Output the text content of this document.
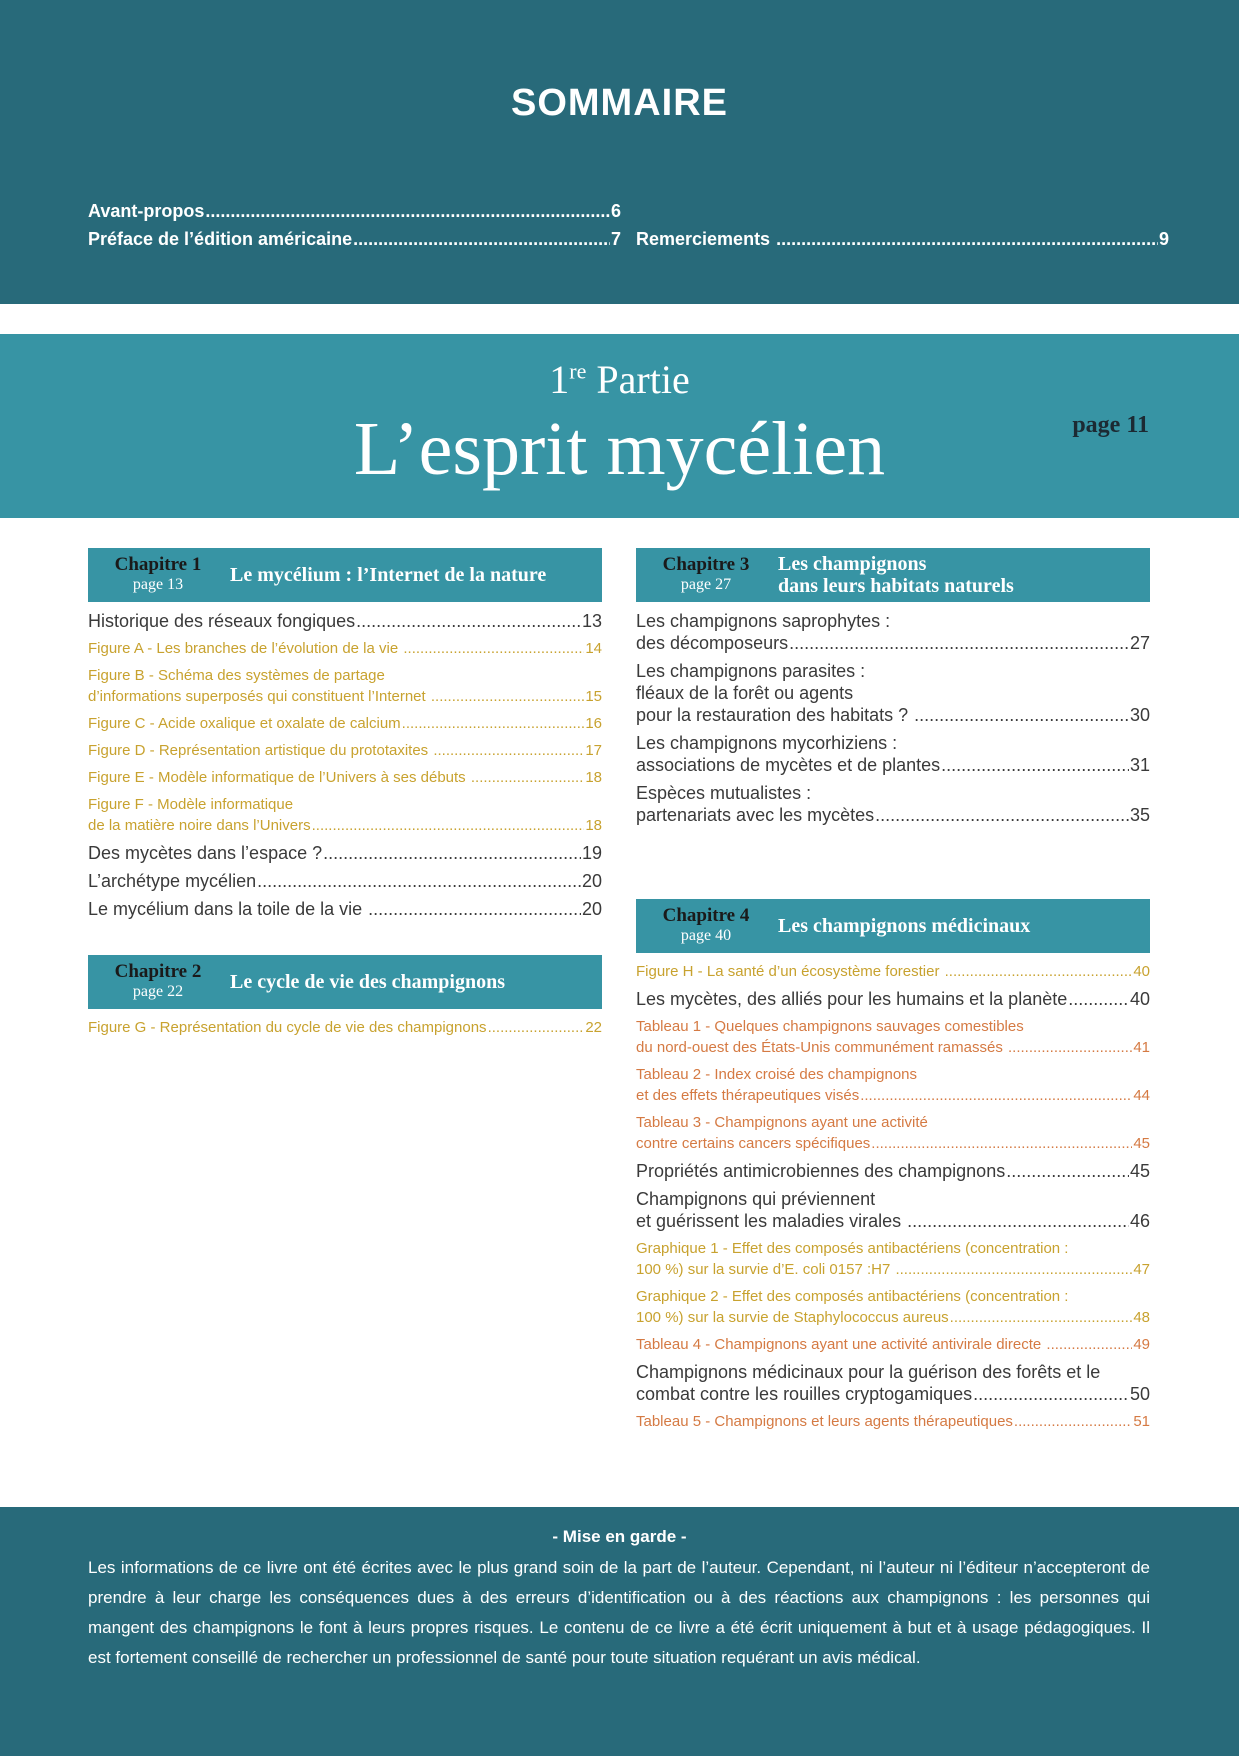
SOMMAIRE
Avant-propos .....	6
Préface de l’édition américaine .....	7 Remerciements .....	9
1re Partie
L’esprit mycélien	page 11
Chapitre 1
page 13	Le mycélium : l’Internet de la nature
Historique des réseaux fongiques .....	13
Figure A - Les branches de l’évolution de la vie .....	14
Figure B - Schéma des systèmes de partage
d’informations superposés qui constituent l’Internet .....	15
Figure C - Acide oxalique et oxalate de calcium .....	16
Figure D - Représentation artistique du prototaxites .....	17
Figure E - Modèle informatique de l’Univers à ses débuts .....	18
Figure F - Modèle informatique
de la matière noire dans l’Univers .....	18
Des mycètes dans l’espace ? .....	19
L’archétype mycélien .....	20
Le mycélium dans la toile de la vie .....	20
Chapitre 2
page 22	Le cycle de vie des champignons
Figure G - Représentation du cycle de vie des champignons .....	22
Chapitre 3
page 27
Les champignons
dans leurs habitats naturels
Les champignons saprophytes :
des décomposeurs .....	27
Les champignons parasites :
fléaux de la forêt ou agents
pour la restauration des habitats ? .....	30
Les champignons mycorhiziens :
associations de mycètes et de plantes .....	31
Espèces mutualistes :
partenariats avec les mycètes .....	35
Chapitre 4
page 40	Les champignons médicinaux
Figure H - La santé d’un écosystème forestier .....	40
Les mycètes, des alliés pour les humains et la planète .....	40
Tableau 1 - Quelques champignons sauvages comestibles
du nord-ouest des États-Unis communément ramassés .....	41
Tableau 2 - Index croisé des champignons
et des effets thérapeutiques visés .....	44
Tableau 3 - Champignons ayant une activité
contre certains cancers spécifiques .....	45
Propriétés antimicrobiennes des champignons .....	45
Champignons qui préviennent
et guérissent les maladies virales .....	46
Graphique 1 - Effet des composés antibactériens (concentration :
100 %) sur la survie d’E. coli 0157 :H7 .....	47
Graphique 2 - Effet des composés antibactériens (concentration :
100 %) sur la survie de Staphylococcus aureus .....	48
Tableau 4 - Champignons ayant une activité antivirale directe .....	49
Champignons médicinaux pour la guérison des forêts et le
combat contre les rouilles cryptogamiques .....	50
Tableau 5 - Champignons et leurs agents thérapeutiques .....	51
- Mise en garde -
Les informations de ce livre ont été écrites avec le plus grand soin de la part de l’auteur. Cependant, ni l’auteur ni l’éditeur n’accepteront de prendre à leur charge les conséquences dues à des erreurs d’identification ou à des réactions aux champignons : les personnes qui mangent des champignons le font à leurs propres risques. Le contenu de ce livre a été écrit uniquement à but et à usage pédagogiques. Il est fortement conseillé de rechercher un professionnel de santé pour toute situation requérant un avis médical.
